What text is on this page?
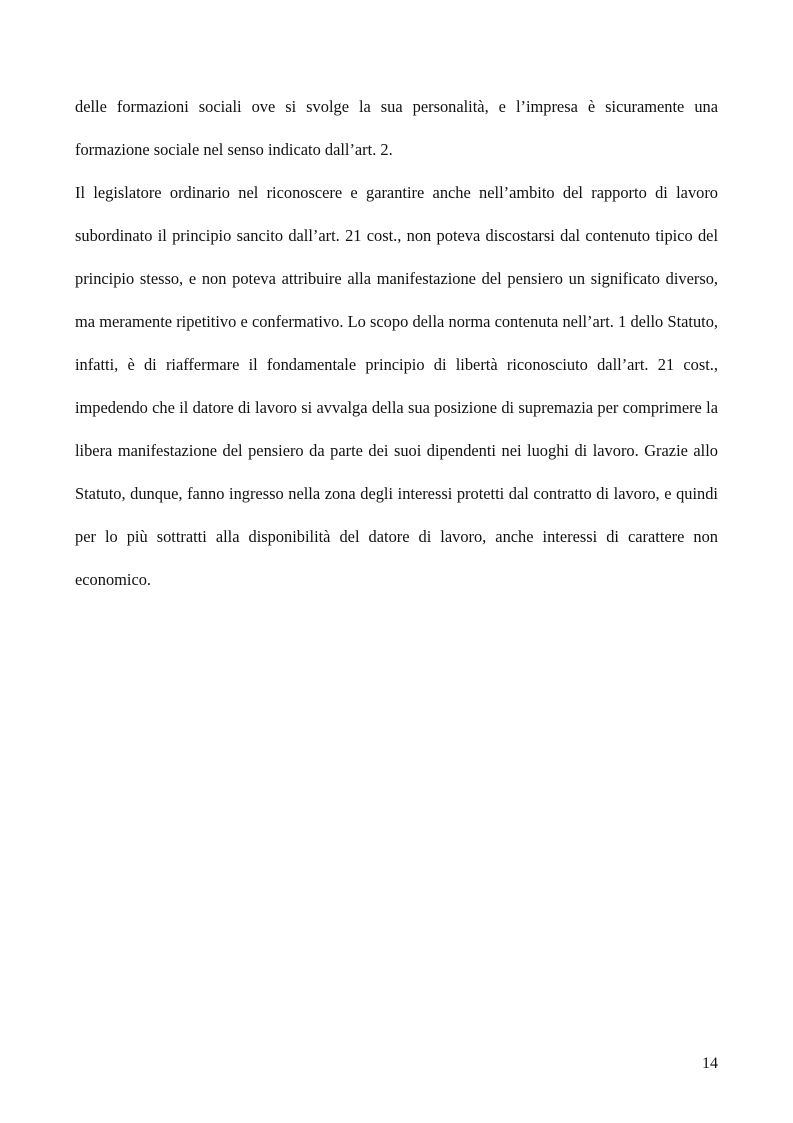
delle formazioni sociali ove si svolge la sua personalità, e l’impresa è sicuramente una formazione sociale nel senso indicato dall’art. 2.

Il legislatore ordinario nel riconoscere e garantire anche nell’ambito del rapporto di lavoro subordinato il principio sancito dall’art. 21 cost., non poteva discostarsi dal contenuto tipico del principio stesso, e non poteva attribuire alla manifestazione del pensiero un significato diverso, ma meramente ripetitivo e confermativo. Lo scopo della norma contenuta nell’art. 1 dello Statuto, infatti, è di riaffermare il fondamentale principio di libertà riconosciuto dall’art. 21 cost., impedendo che il datore di lavoro si avvalga della sua posizione di supremazia per comprimere la libera manifestazione del pensiero da parte dei suoi dipendenti nei luoghi di lavoro. Grazie allo Statuto, dunque, fanno ingresso nella zona degli interessi protetti dal contratto di lavoro, e quindi per lo più sottratti alla disponibilità del datore di lavoro, anche interessi di carattere non economico.

14
